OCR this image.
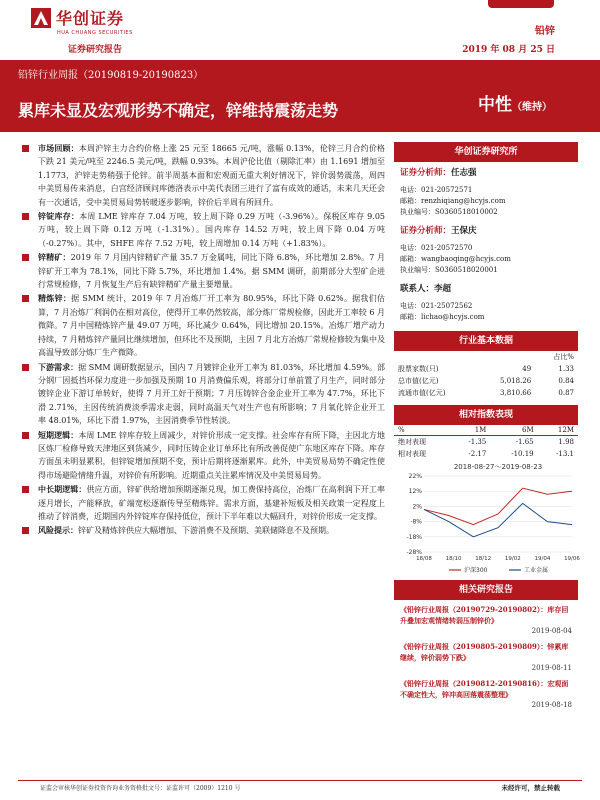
华创证券
HUA CHUANG SECURITIES
证券研究报告
铅锌
2019 年 08 月 25 日
铅锌行业周报（20190819-20190823）
累库未显及宏观形势不确定，锌维持震荡走势	中性（维持）
市场回顾：本周沪锌主力合约价格上涨 25 元至 18665 元/吨，涨幅 0.13%，伦锌三月合约价格下跌 21 美元/吨至 2246.5 美元/吨，跌幅 0.93%。本周沪伦比值（剔除汇率）由 1.1691 增加至 1.1773，沪锌走势稍强于伦锌。前半周基本面和宏观面无重大利好情况下，锌价弱势震荡，周四中美贸易传来消息，白宫经济顾问库德洛表示中美代表团三进行了富有成效的通话，未来几天还会有一次通话，受中美贸易局势转暖逐步影响，锌价后半周有所回升。
锌锭库存：本周 LME 锌库存 7.04 万吨，较上周下降 0.29 万吨（-3.96%）。保税区库存 9.05 万吨，较上周下降 0.12 万吨（-1.31%）。国内库存 14.52 万吨，较上周下降 0.04 万吨（-0.27%）。其中，SHFE 库存 7.52 万吨，较上周增加 0.14 万吨（+1.83%）。
锌精矿：2019 年 7 月国内锌精矿产量 35.7 万金属吨，同比下降 6.8%，环比增加 2.8%。7 月锌矿开工率为 78.1%，同比下降 5.7%，环比增加 1.4%。据 SMM 调研，前期部分大型矿企进行常规检修，7 月恢复生产后有缺锌精矿产量主要增量。
精炼锌：据 SMM 统计，2019 年 7 月冶炼厂开工率为 80.95%，环比下降 0.62%。据我们估算，7 月冶炼厂利润仍在相对高位，使得开工率仍然较高，部分炼厂常规检修，因此开工率较 6 月微降。7 月中国精炼锌产量 49.07 万吨，环比减少 0.64%，同比增加 20.15%。冶炼厂增产动力持续，7 月精炼锌产量同比继续增加，但环比不及预期，主因 7 月北方冶炼厂常规检修较为集中及高温导致部分炼厂生产微降。
下游需求：据 SMM 调研数据显示，国内 7 月镀锌企业开工率为 81.03%，环比增加 4.59%。部分钢厂因抵挡环保力度进一步加强及预期 10 月消费偏乐观，将部分订单前置了月生产，同时部分镀锌企业下游订单转好，使得 7 月开工好于预期；7 月压铸锌合金企业开工率为 47.7%，环比下滑 2.71%，主因传统消费淡季需求走弱，同时高温天气对生产也有所影响；7 月氧化锌企业开工率 48.01%，环比下滑 1.97%，主因消费季节性转淡。
短期逻辑：本周 LME 锌库存较上周减少，对锌价形成一定支撑。社会库存有所下降，主因北方地区炼厂检修导致天津地区到货减少，同时压铸企业订单环比有所改善促使广东地区库存下降。库存方面虽未明显累积，但锌锭增加预期不变，预计后期将逐渐累库。此外，中美贸易局势不确定性使得市场避险情绪升温，对锌价有所影响。近期重点关注累库情况及中美贸易局势。
中长期逻辑：供应方面，锌矿供给增加预期逐渐兑现，加工费保持高位，冶炼厂在高利润下开工率逐月增长，产能释放，矿端宽松逐渐传导至精炼锌。需求方面，基建补短板及相关政策一定程度上推动了锌消费，近期国内外锌锭库存保持低位，预计下半年难以大幅回升，对锌价形成一定支撑。
风险提示：锌矿及精炼锌供应大幅增加、下游消费不及预期、美联储降息不及预期。
华创证券研究所
证券分析师：任志强
电话：021-20572571
邮箱：renzhiqiang@hcyjs.com
执业编号：S0360518010002
证券分析师：王保庆
电话：021-20572570
邮箱：wangbaoqing@hcyjs.com
执业编号：S0360518020001
联系人：李超
电话：021-25072562
邮箱：lichao@hcyjs.com
行业基本数据
		占比%
股票家数(只)	49	1.33
总市值(亿元)	5,018.26	0.84
流通市值(亿元)	3,810.66	0.87
相对指数表现
%	1M	6M	12M
绝对表现	-1.35	-1.65	1.98
相对表现	-2.17	-10.19	-13.1
2018-08-27～2019-08-23
22%
12%
2%
-8%
-18%
-28%
18/08 18/10 18/12 19/02 19/04 19/06
沪深300	工业金属
相关研究报告
《铅锌行业周报（20190729-20190802）：库存回升叠加宏观情绪转弱压制锌价》
2019-08-04
《铅锌行业周报（20190805-20190809）：锌累库继续，锌价弱势下跌》
2019-08-11
《铅锌行业周报（20190812-20190816）：宏观面不确定性大，锌冲高回落震荡整理》
2019-08-18
证监会审核华创证券投资咨询业务资格批文号：证监许可（2009）1210 号	未经许可，禁止转载
